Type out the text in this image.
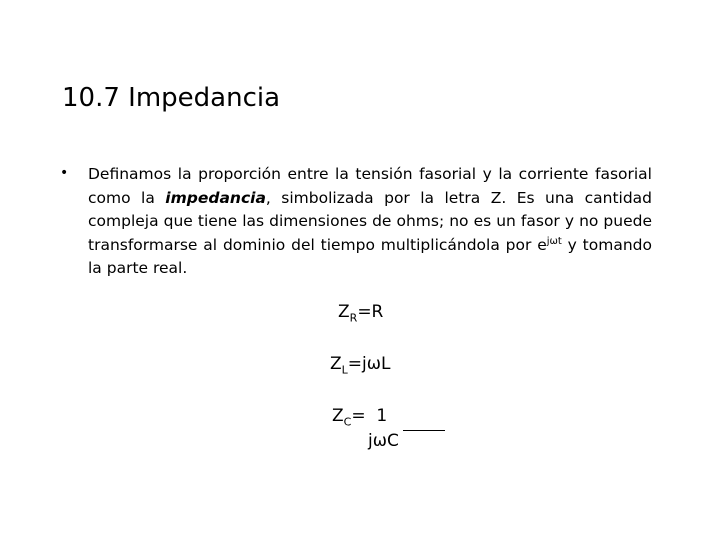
10.7 Impedancia
• Definamos la proporción entre la tensión fasorial y la corriente fasorial como la impedancia, simbolizada por la letra Z. Es una cantidad compleja que tiene las dimensiones de ohms; no es un fasor y no puede transformarse al dominio del tiempo multiplicándola por $e^{j\omega t}$ y tomando la parte real.
$Z_R=R$
$Z_L=j\omega L$
$Z_C= 1$
jωC
